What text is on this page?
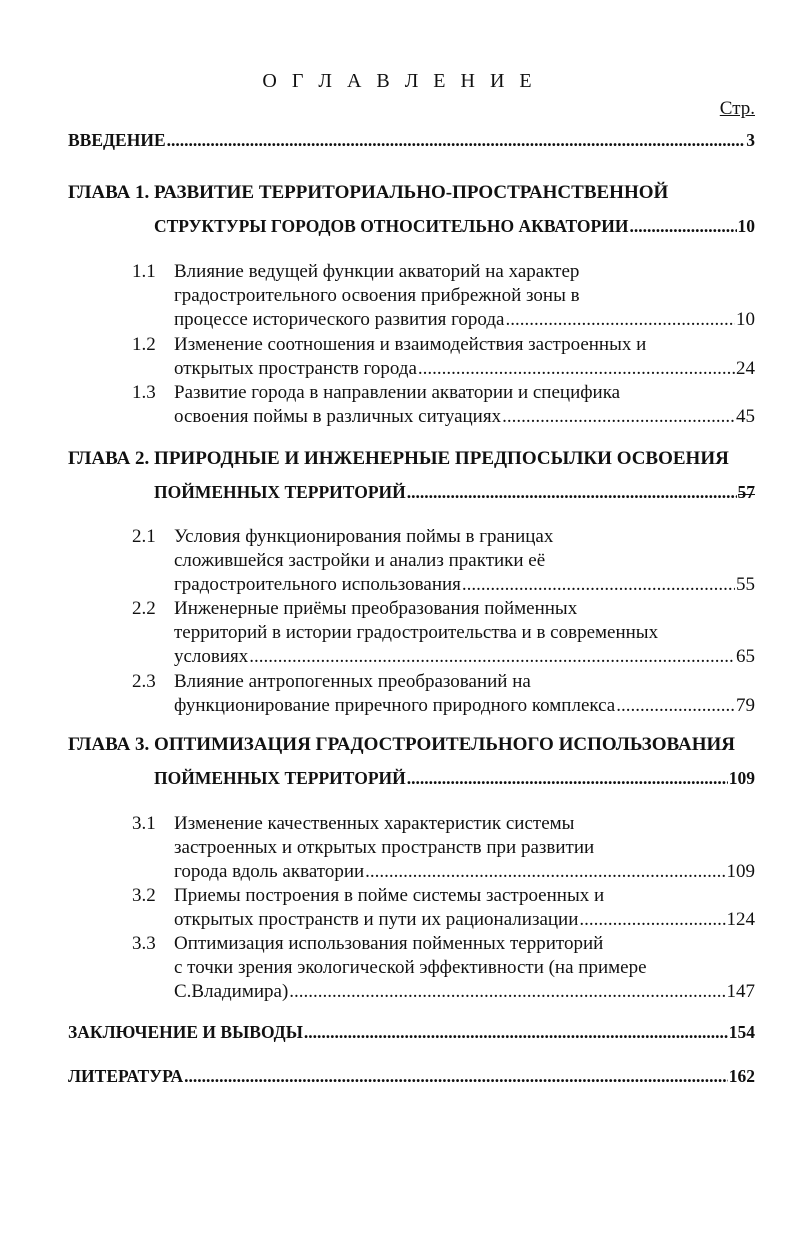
О Г Л А В Л Е Н И Е
Стр.
ВВЕДЕНИЕ .....	3
ГЛАВА 1. РАЗВИТИЕ ТЕРРИТОРИАЛЬНО-ПРОСТРАНСТВЕННОЙ
СТРУКТУРЫ ГОРОДОВ ОТНОСИТЕЛЬНО АКВАТОРИИ .....	10
1.1 Влияние ведущей функции акваторий на характер
градостроительного освоения прибрежной зоны в
процессе исторического развития города .....	10
1.2 Изменение соотношения и взаимодействия застроенных и
открытых пространств города .....	24
1.3 Развитие города в направлении акватории и специфика
освоения поймы в различных ситуациях .....	45
ГЛАВА 2. ПРИРОДНЫЕ И ИНЖЕНЕРНЫЕ ПРЕДПОСЫЛКИ ОСВОЕНИЯ
ПОЙМЕННЫХ ТЕРРИТОРИЙ .....	57
2.1 Условия функционирования поймы в границах
сложившейся застройки и анализ практики её
градостроительного использования .....	55
2.2 Инженерные приёмы преобразования пойменных
территорий в истории градостроительства и в современных
условиях .....	65
2.3 Влияние антропогенных преобразований на
функционирование приречного природного комплекса .....	79
ГЛАВА 3. ОПТИМИЗАЦИЯ ГРАДОСТРОИТЕЛЬНОГО ИСПОЛЬЗОВАНИЯ
ПОЙМЕННЫХ ТЕРРИТОРИЙ .....	109
3.1 Изменение качественных характеристик системы
застроенных и открытых пространств при развитии
города вдоль акватории .....	109
3.2 Приемы построения в пойме системы застроенных и
открытых пространств и пути их рационализации .....	124
3.3 Оптимизация использования пойменных территорий
с точки зрения экологической эффективности (на примере
С.Владимира) .....	147
ЗАКЛЮЧЕНИЕ И ВЫВОДЫ .....	154
ЛИТЕРАТУРА .....	162
